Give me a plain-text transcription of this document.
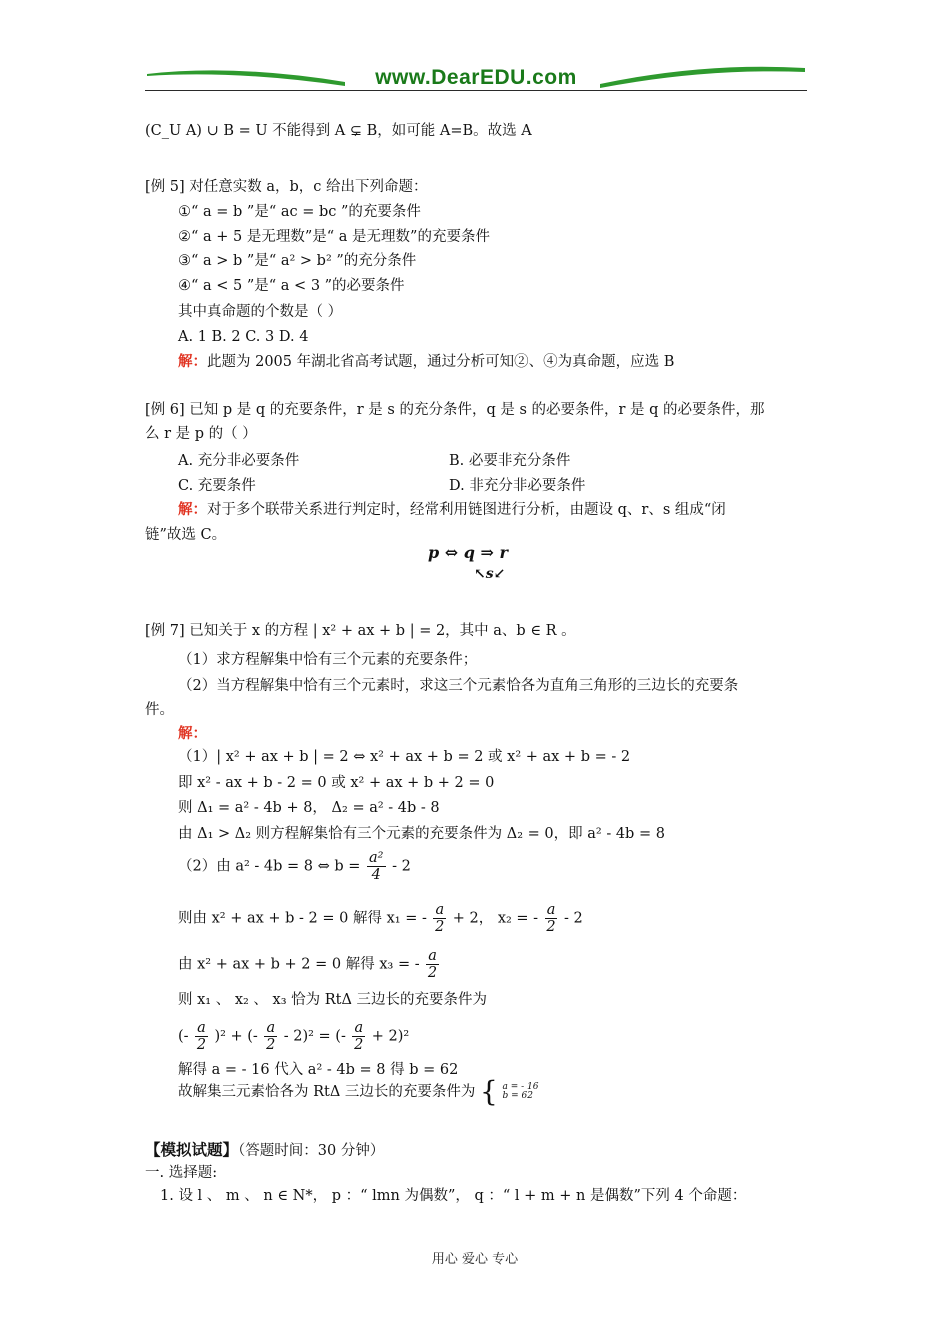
www.DearEDU.com
(C_U A) ∪ B = U 不能得到 A ⊊ B，如可能 A=B。故选 A
[例 5] 对任意实数 a，b，c 给出下列命题：
①“ a = b ”是“ ac = bc ”的充要条件
②“ a + 5 是无理数”是“ a 是无理数”的充要条件
③“ a > b ”是“ a² > b² ”的充分条件
④“ a < 5 ”是“ a < 3 ”的必要条件
其中真命题的个数是（ ）
A. 1 B. 2 C. 3 D. 4
解：此题为 2005 年湖北省高考试题，通过分析可知②、④为真命题，应选 B
[例 6] 已知 p 是 q 的充要条件，r 是 s 的充分条件，q 是 s 的必要条件，r 是 q 的必要条件，那
么 r 是 p 的（ ）
A. 充分非必要条件	B. 必要非充分条件
C. 充要条件	D. 非充分非必要条件
解：对于多个联带关系进行判定时，经常利用链图进行分析，由题设 q、r、s 组成“闭
链”故选 C。
p ⇔ q ⇒ r
↖s↙
[例 7] 已知关于 x 的方程 | x² + ax + b | = 2，其中 a、b ∈ R 。
（1）求方程解集中恰有三个元素的充要条件；
（2）当方程解集中恰有三个元素时，求这三个元素恰各为直角三角形的三边长的充要条
件。
解：
（1）| x² + ax + b | = 2 ⇔ x² + ax + b = 2 或 x² + ax + b = - 2
即 x² - ax + b - 2 = 0 或 x² + ax + b + 2 = 0
则 Δ₁ = a² - 4b + 8， Δ₂ = a² - 4b - 8
由 Δ₁ > Δ₂ 则方程解集恰有三个元素的充要条件为 Δ₂ = 0，即 a² - 4b = 8
（2）由 a² - 4b = 8 ⇔ $b = \frac{\text{a²}}{4} - 2$
则由 x² + ax + b - 2 = 0 解得 x₁ = - $\frac{a}{2} + 2$， x₂ = - $\frac{a}{2} - 2$
由 x² + ax + b + 2 = 0 解得 x₃ = - $\frac{a}{2}$
则 x₁ 、 x₂ 、 x₃ 恰为 RtΔ 三边长的充要条件为
(- $\frac{a}{2} )^2$ + (- $\frac{a}{2} - 2)^2$ = (- $\frac{a}{2} + 2)^2$
解得 a = - 16 代入 a² - 4b = 8 得 b = 62
故解集三元素恰各为 RtΔ 三边长的充要条件为 { a = - 16
b = 62
【模拟试题】（答题时间：30 分钟）
一. 选择题:
1. 设 l 、 m 、 n ∈ N*， p ：“ lmn 为偶数”， q ：“ l + m + n 是偶数”下列 4 个命题：
用心 爱心 专心
